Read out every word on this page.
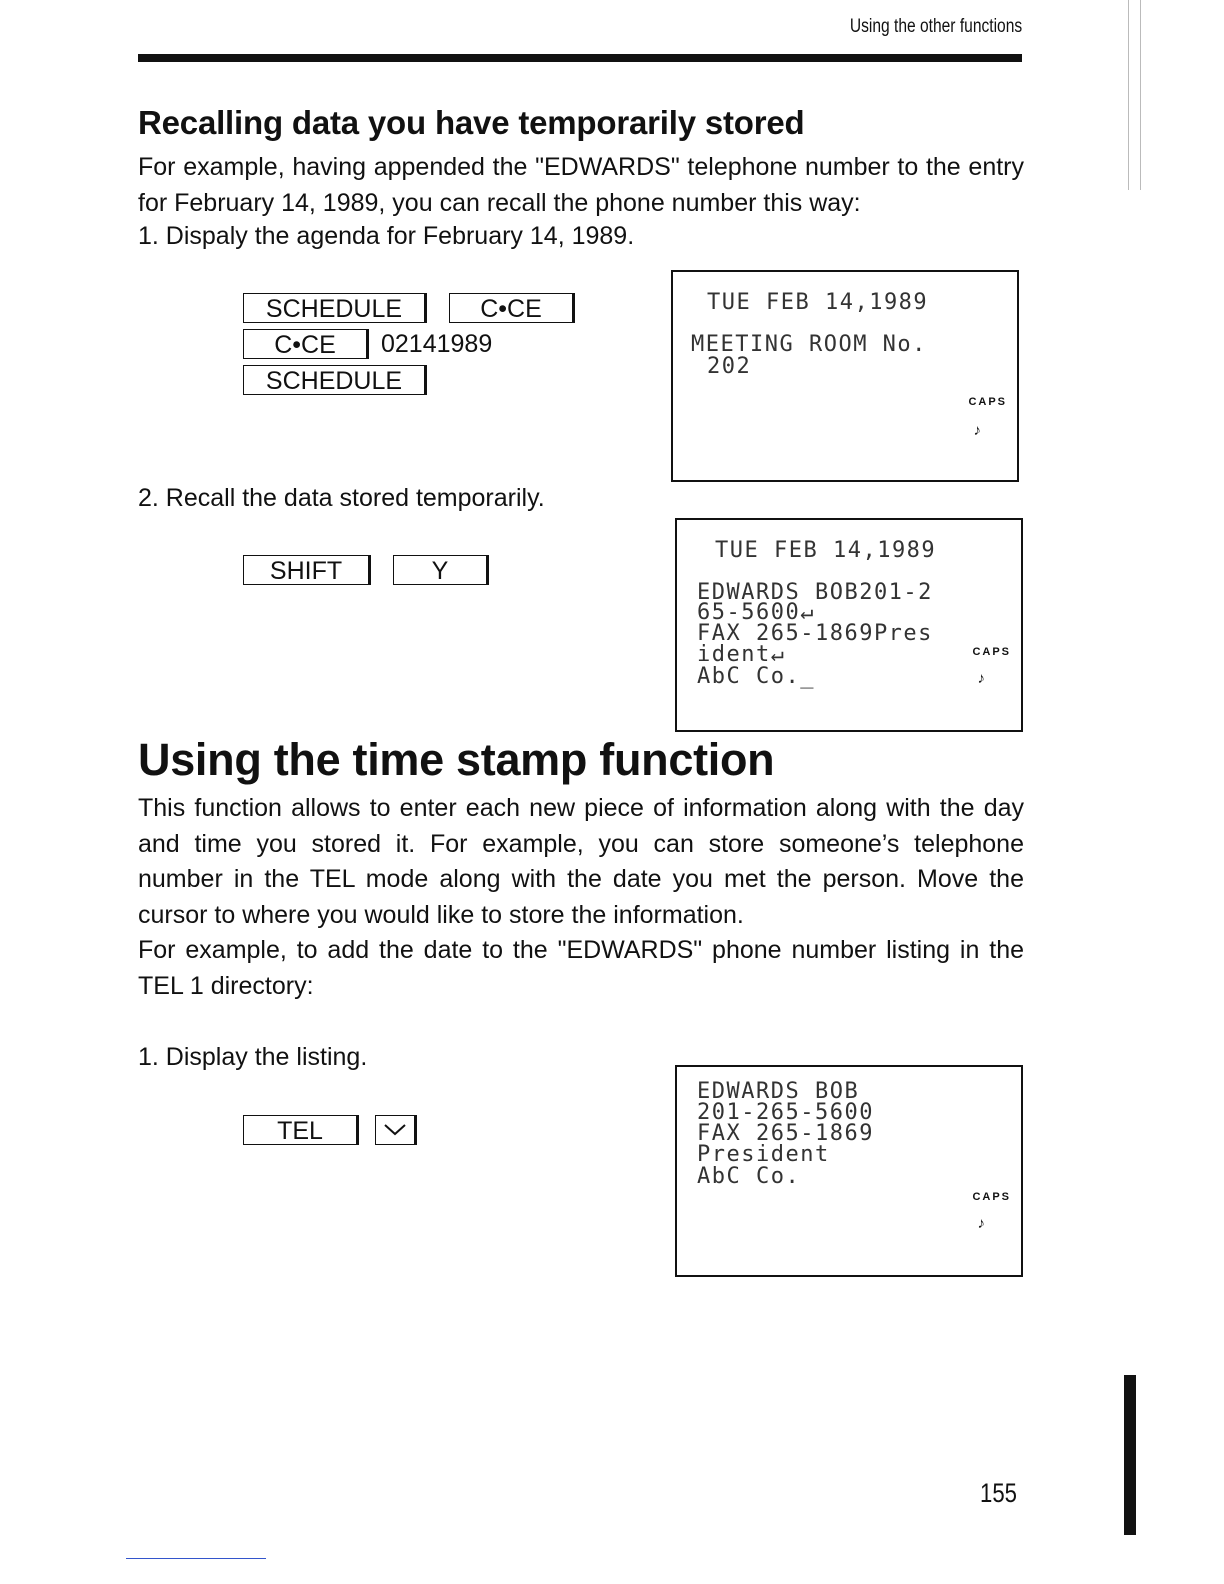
Using the other functions
Recalling data you have temporarily stored
For example, having appended the "EDWARDS" telephone number to the entry for February 14, 1989, you can recall the phone number this way:
1. Dispaly the agenda for February 14, 1989.
SCHEDULE	C•CE
C•CE	02141989
SCHEDULE
TUE FEB 14,1989
MEETING ROOM No.
202
CAPS
♪
2. Recall the data stored temporarily.
SHIFT	Y
TUE FEB 14,1989
EDWARDS BOB201-2
65-5600↵
FAX 265-1869Pres
ident↵
AbC Co._
CAPS
♪
Using the time stamp function
This function allows to enter each new piece of information along with the day and time you stored it. For example, you can store someone’s telephone number in the TEL mode along with the date you met the person. Move the cursor to where you would like to store the information.
For example, to add the date to the "EDWARDS" phone number listing in the TEL 1 directory:
1. Display the listing.
TEL
EDWARDS BOB
201-265-5600
FAX 265-1869
President
AbC Co.
CAPS
♪
155
